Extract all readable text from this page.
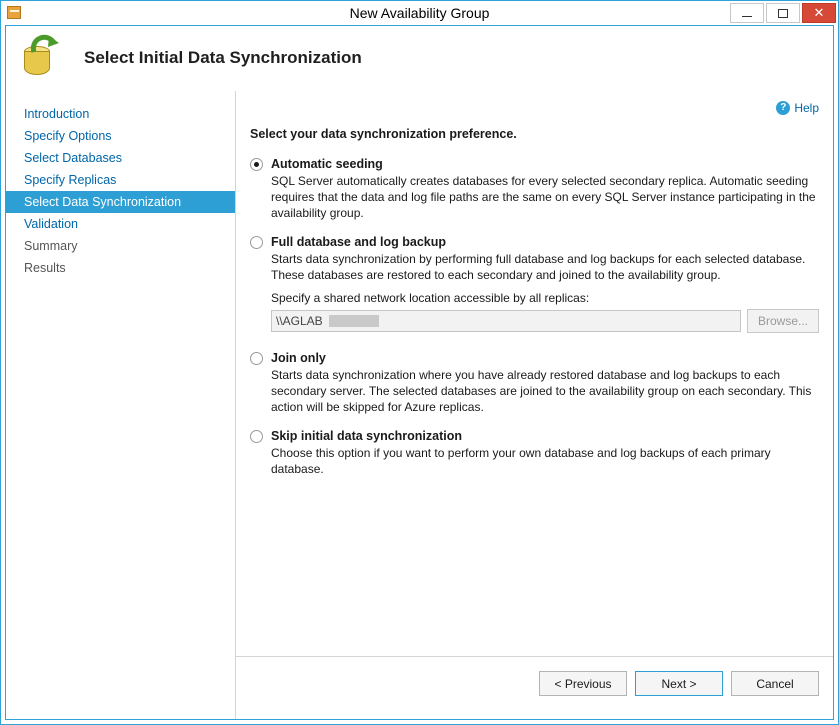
New Availability Group	✕
Select Initial Data Synchronization
Introduction
Specify Options
Select Databases
Specify Replicas
Select Data Synchronization
Validation
Summary
Results
? Help

Select your data synchronization preference.

Automatic seeding

SQL Server automatically creates databases for every selected secondary replica. Automatic seeding requires that the data and log file paths are the same on every SQL Server instance participating in the availability group.

Full database and log backup

Starts data synchronization by performing full database and log backups for each selected database. These databases are restored to each secondary and joined to the availability group.

Specify a shared network location accessible by all replicas:

\\AGLAB
Browse...
Join only

Starts data synchronization where you have already restored database and log backups to each secondary server. The selected databases are joined to the availability group on each secondary. This action will be skipped for Azure replicas.

Skip initial data synchronization

Choose this option if you want to perform your own database and log backups of each primary database.

< Previous	Next >	Cancel
